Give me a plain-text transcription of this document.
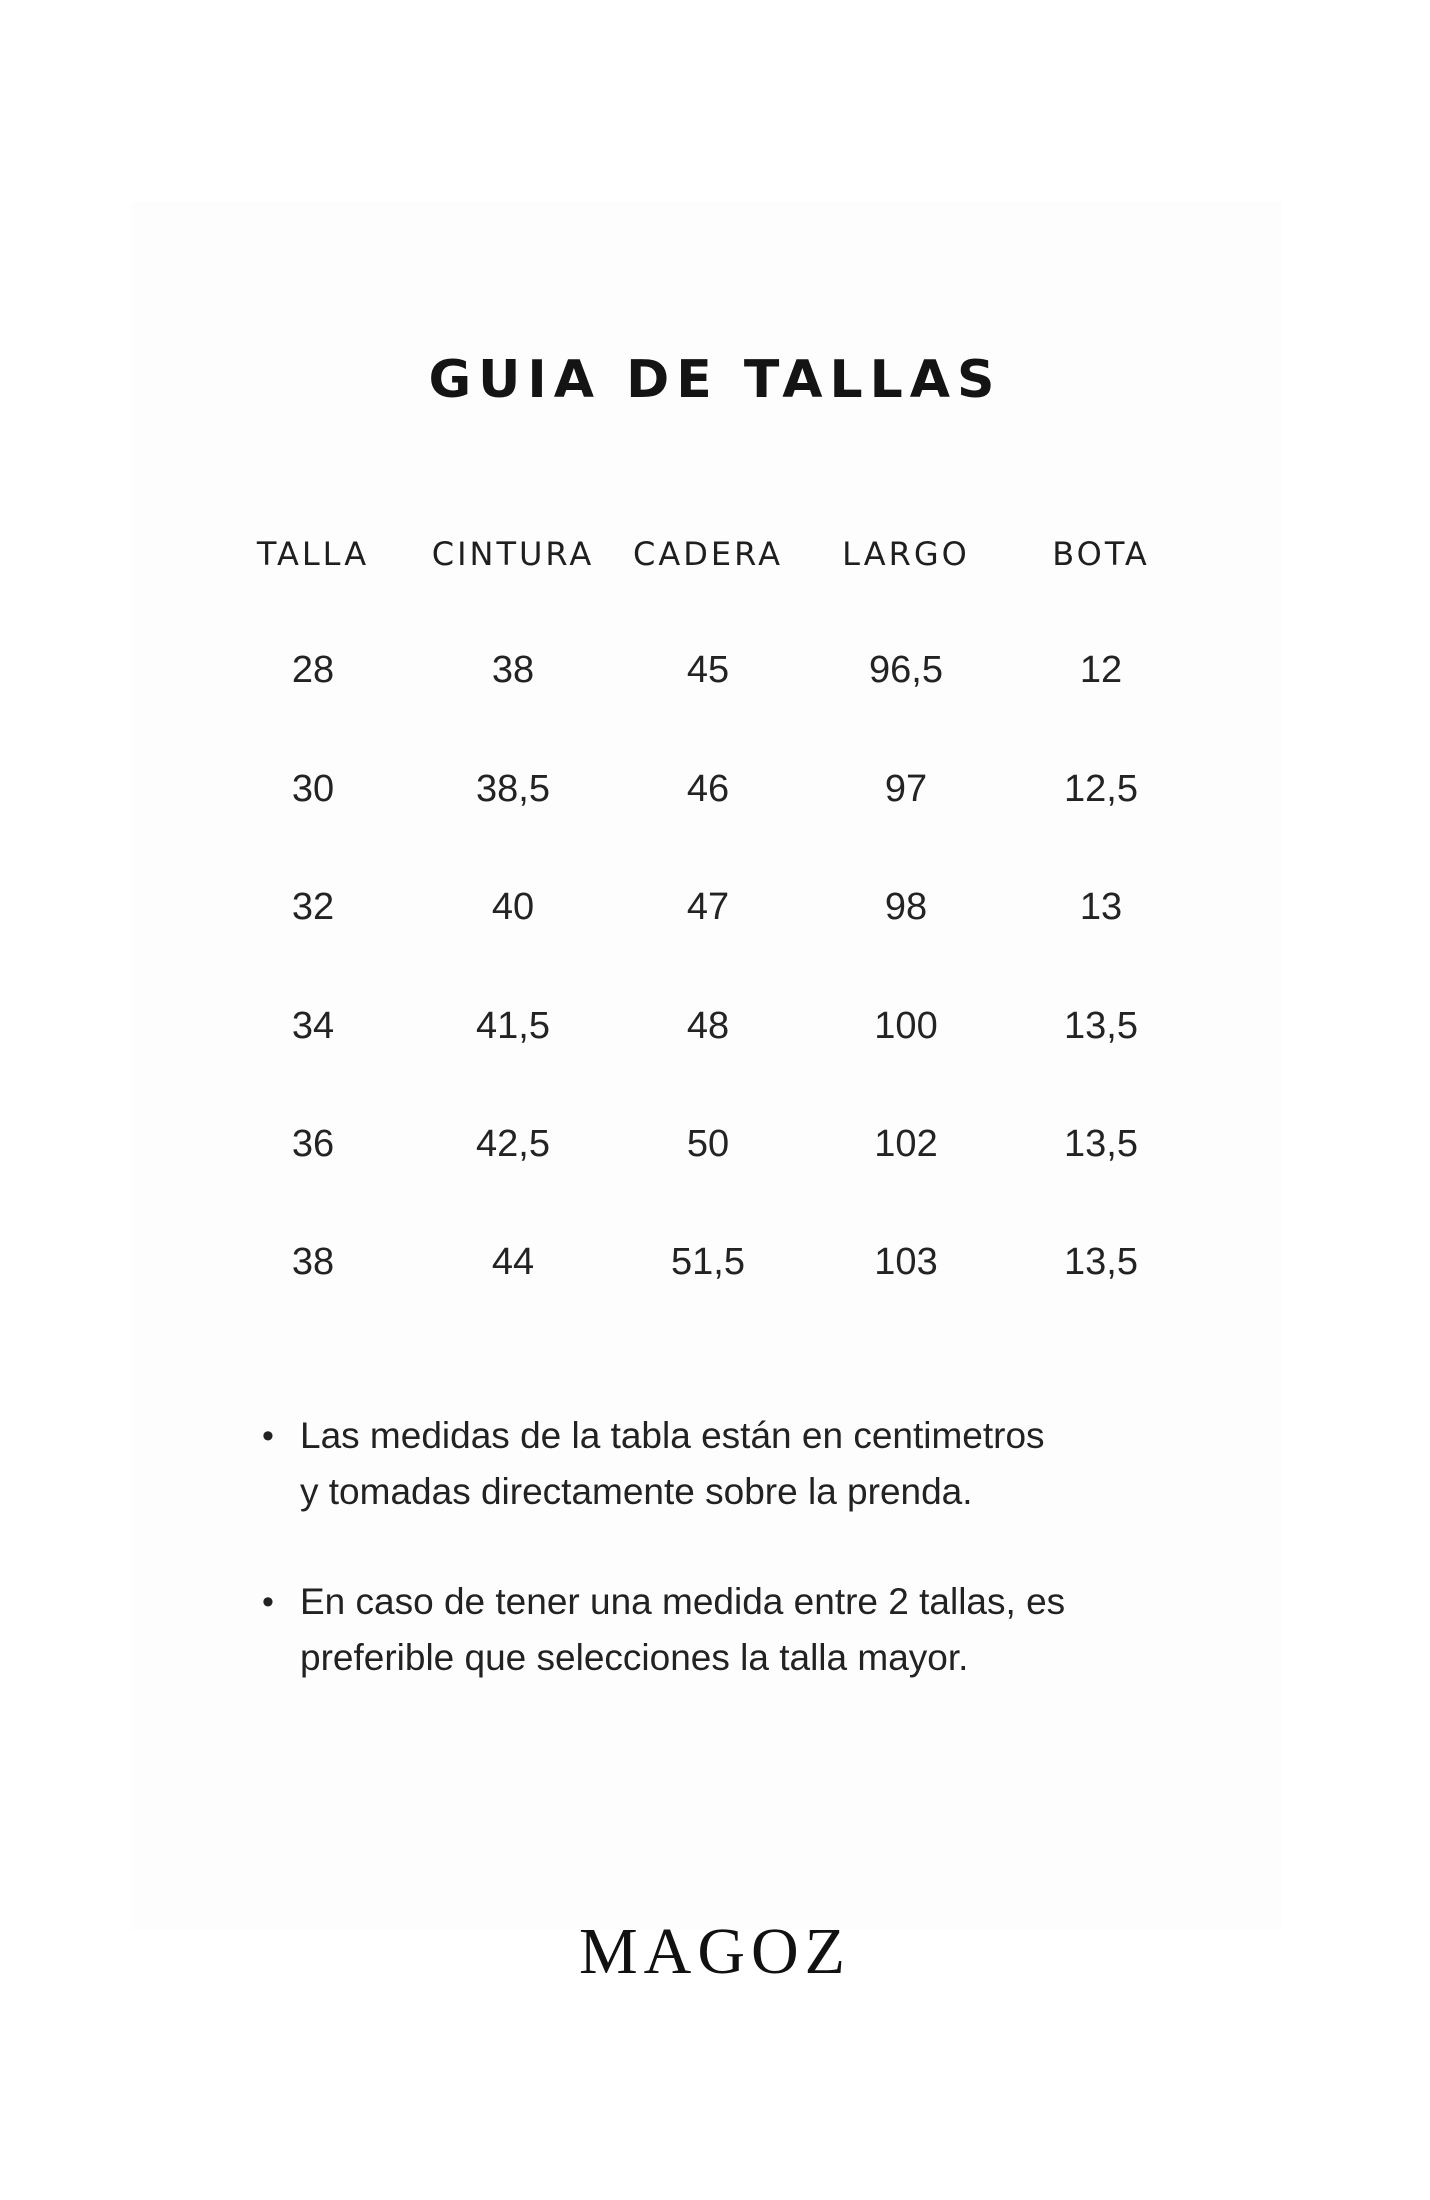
GUIA DE TALLAS
TALLA	CINTURA	CADERA	LARGO	BOTA
28	38	45	96,5	12
30	38,5	46	97	12,5
32	40	47	98	13
34	41,5	48	100	13,5
36	42,5	50	102	13,5
38	44	51,5	103	13,5
• Las medidas de la tabla están en centimetros
y tomadas directamente sobre la prenda.
• En caso de tener una medida entre 2 tallas, es
preferible que selecciones la talla mayor.
MAGOZ
